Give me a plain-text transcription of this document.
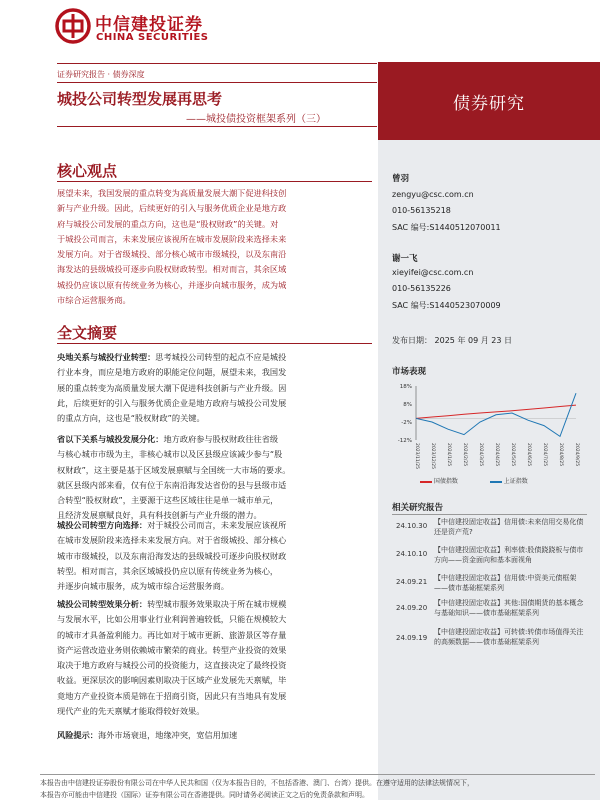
中信建投证券
CHINA SECURITIES
证券研究报告 · 债券深度
城投公司转型发展再思考
——城投债投资框架系列（三）
债券研究
核心观点
展望未来，我国发展的重点转变为高质量发展大潮下促进科技创
新与产业升级。因此，后续更好的引入与服务优质企业是地方政
府与城投公司发展的重点方向，这也是“股权财政”的关键。对
于城投公司而言，未来发展应该视所在城市发展阶段来选择未来
发展方向。对于省级城投、部分核心城市市级城投，以及东南沿
海发达的县级城投可逐步向股权财政转型。相对而言，其余区域
城投仍应该以原有传统业务为核心，并逐步向城市服务，成为城
市综合运营服务商。
全文摘要
央地关系与城投行业转型：思考城投公司转型的起点不应是城投
行业本身，而应是地方政府的职能定位问题，展望未来，我国发
展的重点转变为高质量发展大潮下促进科技创新与产业升级。因
此，后续更好的引入与服务优质企业是地方政府与城投公司发展
的重点方向，这也是“股权财政”的关键。
省以下关系与城投发展分化：地方政府参与股权财政往往省级
与核心城市市级为主，非核心城市以及区县级应该减少参与“股
权财政”，这主要是基于区域发展禀赋与全国统一大市场的要求。
就区县级内部来看，仅有位于东南沿海发达省份的县与县级市适
合转型“股权财政”，主要源于这些区域往往是单一城市单元，
且经济发展禀赋良好，具有科技创新与产业升级的潜力。
城投公司转型方向选择：对于城投公司而言，未来发展应该视所
在城市发展阶段来选择未来发展方向。对于省级城投、部分核心
城市市级城投，以及东南沿海发达的县级城投可逐步向股权财政
转型。相对而言，其余区域城投仍应以原有传统业务为核心，
并逐步向城市服务，成为城市综合运营服务商。
城投公司转型效果分析：转型城市服务效果取决于所在城市规模
与发展水平，比如公用事业行业利润普遍较低，只能在规模较大
的城市才具备盈利能力。再比如对于城市更新、旅游景区等存量
资产运营改造业务则依赖城市繁荣的商业。转型产业投资的效果
取决于地方政府与城投公司的投资能力，这直接决定了最终投资
收益。更深层次的影响因素则取决于区域产业发展先天禀赋，毕
竟地方产业投资本质是锦在于招商引资，因此只有当地具有发展
现代产业的先天禀赋才能取得较好效果。
风险提示：海外市场衰退，地缘冲突，宽信用加速
曾羽
zengyu@csc.com.cn
010-56135218
SAC 编号:S1440512070011
谢一飞
xieyifei@csc.com.cn
010-56135226
SAC 编号:S1440523070009
发布日期： 2025 年 09 月 23 日
市场表现
18%
8%
-2%
-12%
2023/11/25 2023/12/25 2024/1/25 2024/2/25 2024/3/25 2024/4/25 2024/5/25 2024/6/25 2024/7/25 2024/8/25 2024/9/25
国债指数	上证指数
相关研究报告
24.10.30 【中信建投固定收益】信用债:未来信用交易化债还是资产荒?
24.10.10 【中信建投固定收益】利率债:股债跷跷板与债市方向——资金面向和基本面视角
24.09.21 【中信建投固定收益】信用债:中资美元债框架——债市基础框架系列
24.09.20
【中信建投固定收益】其他:国债期货的基本概念与基础知识——债市基础框架系列
24.09.19
【中信建投固定收益】可转债:转债市场值得关注的高频数据——债市基础框架系列
本报告由中信建投证券股份有限公司在中华人民共和国（仅为本报告目的，不包括香港、澳门、台湾）提供。在遵守适用的法律法规情况下，
本报告亦可能由中信建投（国际）证券有限公司在香港提供。同时请务必阅读正文之后的免责条款和声明。
